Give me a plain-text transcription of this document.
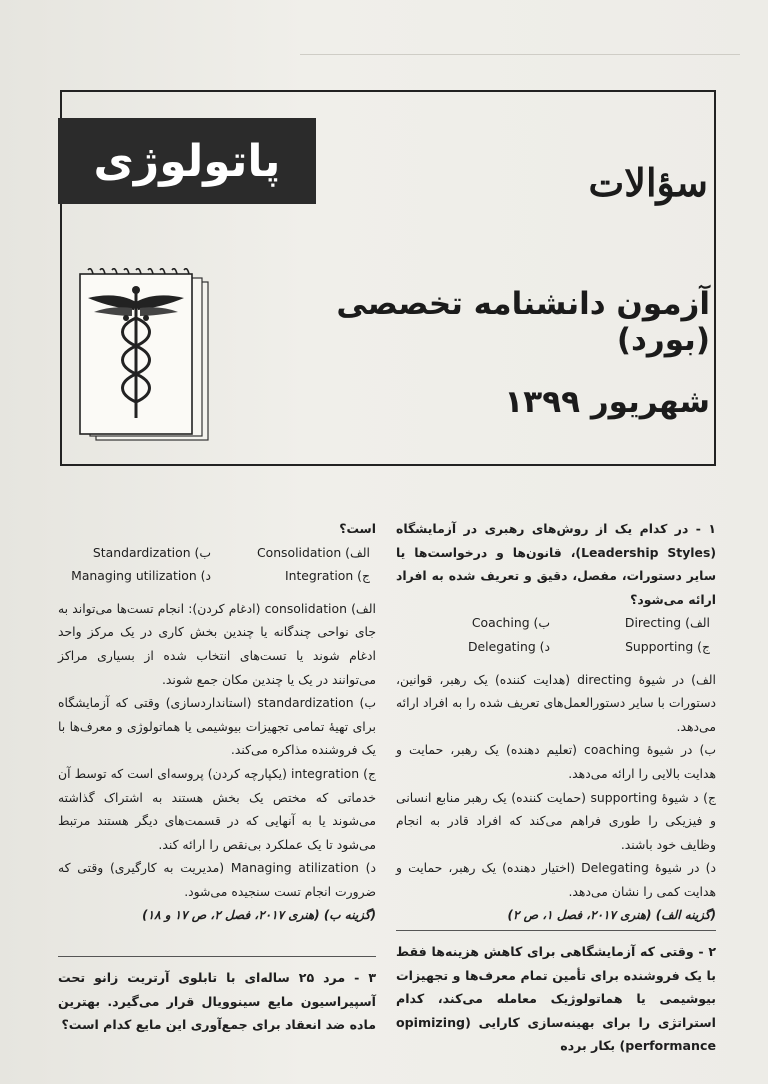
پاتولوژی	سؤالات
آزمون دانشنامه تخصصی (بورد)
شهریور ۱۳۹۹

۱ - در کدام یک از روش‌های رهبری در آزمایشگاه (Leadership Styles)، قانون‌ها و درخواست‌ها یا سایر دستورات، مفصل، دقیق و تعریف شده به افراد ارائه می‌شود؟

الف) Directing
ب) Coaching
ج) Supporting
د) Delegating

الف) در شیوهٔ directing (هدایت کننده) یک رهبر، قوانین، دستورات با سایر دستورالعمل‌های تعریف شده را به افراد ارائه می‌دهد.

ب) در شیوهٔ coaching (تعلیم دهنده) یک رهبر، حمایت و هدایت بالایی را ارائه می‌دهد.

ج) د شیوهٔ supporting (حمایت کننده) یک رهبر منابع انسانی و فیزیکی را طوری فراهم می‌کند که افراد قادر به انجام وظایف خود باشند.

د) در شیوهٔ Delegating (اختیار دهنده) یک رهبر، حمایت و هدایت کمی را نشان می‌دهد.

(گزینه الف) (هنری ۲۰۱۷، فصل ۱، ص ۲)

۲ - وقتی که آزمایشگاهی برای کاهش هزینه‌ها فقط با یک فروشنده برای تأمین تمام معرف‌ها و تجهیزات بیوشیمی یا هماتولوژیک معامله می‌کند، کدام استراتژی را برای بهینه‌سازی کارایی (opimizing performance) بکار برده

است؟

الف) Consolidation
ب) Standardization
ج) Integration
د) Managing utilization

الف) consolidation (ادغام کردن): انجام تست‌ها می‌تواند به جای نواحی چندگانه یا چندین بخش کاری در یک مرکز واحد ادغام شوند یا تست‌های انتخاب شده از بسیاری مراکز می‌توانند در یک یا چندین مکان جمع شوند.

ب) standardization (استانداردسازی) وقتی که آزمایشگاه برای تهیهٔ تمامی تجهیزات بیوشیمی یا هماتولوژی و معرف‌ها با یک فروشنده مذاکره می‌کند.

ج) integration (یکپارچه کردن) پروسه‌ای است که توسط آن خدماتی که مختص یک بخش هستند به اشتراک گذاشته می‌شوند یا به آنهایی که در قسمت‌های دیگر هستند مرتبط می‌شود تا یک عملکرد بی‌نقص را ارائه کند.

د) Managing atilization (مدیریت به کارگیری) وقتی که ضرورت انجام تست سنجیده می‌شود.

(گزینه ب) (هنری ۲۰۱۷، فصل ۲، ص ۱۷ و ۱۸)

۳ - مرد ۲۵ ساله‌ای با تابلوی آرتریت زانو تحت آسپیراسیون مایع سینوویال قرار می‌گیرد. بهترین ماده ضد انعقاد برای جمع‌آوری این مایع کدام است؟
